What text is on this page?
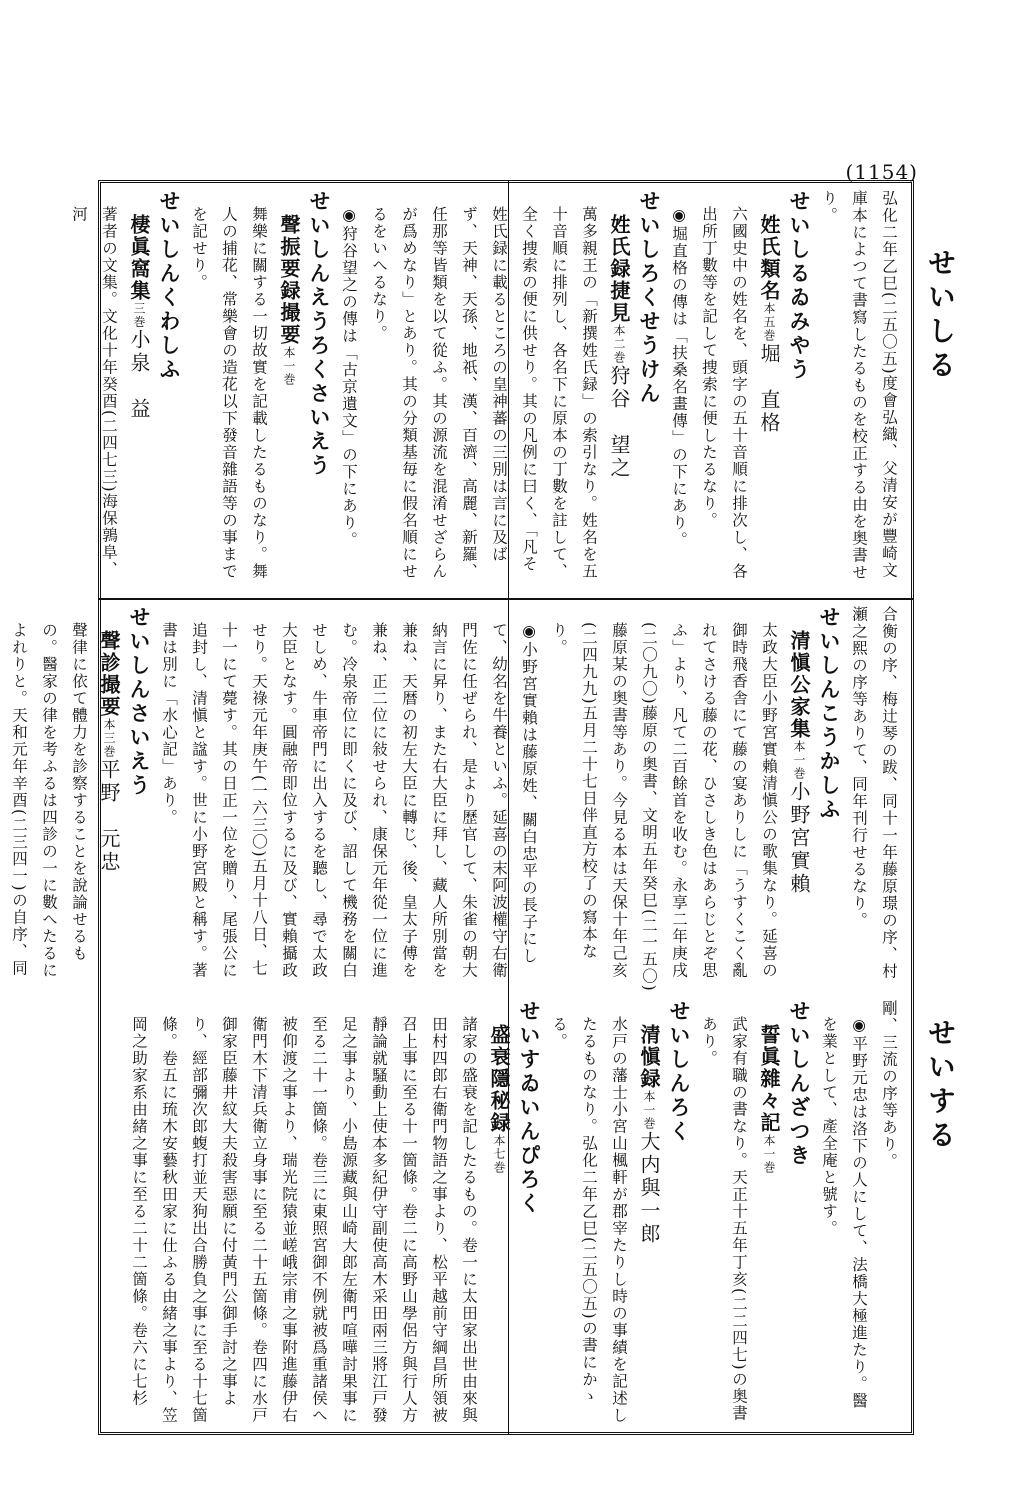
(1154)
せいしる
せいする
弘化二年乙巳(二五〇五)度會弘織、父清安が豐崎文庫本によつて書寫したるものを校正する由を奥書せり。
せいしるゐみやう
姓氏類名本五巻堀　直格
六國史中の姓名を、頭字の五十音順に排次し、各出所丁數等を記して捜索に便したるなり。
◉堀直格の傳は「扶桑名畫傳」の下にあり。
せいしろくせうけん
姓氏録捷見本二巻狩谷　望之
萬多親王の「新撰姓氏録」の索引なり。姓名を五十音順に排列し、各名下に原本の丁數を註して、全く捜索の便に供せり。其の凡例に曰く、「凡そ姓氏録に載るところの皇神蕃の三別は言に及ばず、天神、天孫、地祇、漢、百濟、高麗、新羅、任那等皆類を以て從ふ。其の源流を混淆せざらんが爲めなり」とあり。其の分類基毎に假名順にせるをいへるなり。
◉狩谷望之の傳は「古京遺文」の下にあり。
せいしんえうろくさいえう
聲振要録撮要本一巻
舞樂に關する一切故實を記載したるものなり。舞人の捕花、常樂會の造花以下發音雜語等の事までを記せり。
せいしんくわしふ
棲眞窩集三巻小泉　益
著者の文集。文化十年癸酉(二四七三)海保鶉阜、河
剛、三流の序等あり。
◉平野元忠は洛下の人にして、法橋大極進たり。醫を業として、產全庵と號す。
せいしんざつき
誓眞雜々記本一巻
武家有職の書なり。天正十五年丁亥(二二四七)の奥書あり。
せいしんろく
清愼録本一巻大内與一郎
水戸の藩士小宮山楓軒が郡宰たりし時の事績を記述したるものなり。弘化二年乙巳(二五〇五)の書にかゝる。
せいすゐいんぴろく
盛衰隱秘録本七巻
諸家の盛衰を記したるもの。卷一に太田家出世由來與田村四郎右衛門物語之事より、松平越前守綱昌所領被召上事に至る十一箇條。卷二に高野山學侶方與行人方靜論就騷動上使本多紀伊守副使高木采田兩三將江戸發足之事より、小島源藏與山崎大郎左衛門喧嘩討果事に至る二十一箇條。卷三に東照宮御不例就被爲重諸侯へ被仰渡之事より、瑞光院猿並嵯峨宗甫之事附進藤伊右衛門木下清兵衛立身事に至る二十五箇條。卷四に水戸御家臣藤井紋大夫殺害惡願に付黃門公御手討之事より、經部彌次郎蝮打並天狗出合勝負之事に至る十七箇條。卷五に琉木安藝秋田家に仕ふる由緒之事より、笠岡之助家系由緒之事に至る二十二箇條。卷六に七杉
合衡の序、梅辻琴の跋、同十一年藤原璟の序、村瀬之熙の序等ありて、同年刊行せるなり。
せいしんこうかしふ
清愼公家集本一巻小野宮實賴
太政大臣小野宮實賴清愼公の歌集なり。延喜の御時飛香舎にて藤の宴ありしに「うすくこく亂れてさける藤の花、ひさしき色はあらじとぞ思ふ」より、凡て二百餘首を收む。永享二年庚戌(二〇九〇)藤原の奥書、文明五年癸巳(二一五〇)藤原某の奥書等あり。今見る本は天保十年己亥(二四九九)五月二十七日伴直方校了の寫本なり。
◉小野宮實賴は藤原姓、關白忠平の長子にして、幼名を牛養といふ。延喜の末阿波權守右衛門佐に任ぜられ、是より歷官して、朱雀の朝大納言に昇り、また右大臣に拜し、藏人所別當を兼ね、天暦の初左大臣に轉じ、後、皇太子傅を兼ね、正二位に敍せられ、康保元年從一位に進む。冷泉帝位に即くに及び、詔して機務を關白せしめ、牛車帝門に出入するを聽し、尋で太政大臣となす。圓融帝即位するに及び、實賴攝政せり。天祿元年庚午(一六三〇)五月十八日、七十一にて薨す。其の日正一位を贈り、尾張公に追封し、清愼と諡す。世に小野宮殿と稱す。著書は別に「水心記」あり。
せいしんさいえう
聲診撮要本三巻平野　元忠
聲律に依て體力を診察することを說論せるもの。醫家の律を考ふるは四診の一に數へたるによれりと。天和元年辛酉(二三四一)の自序、同
